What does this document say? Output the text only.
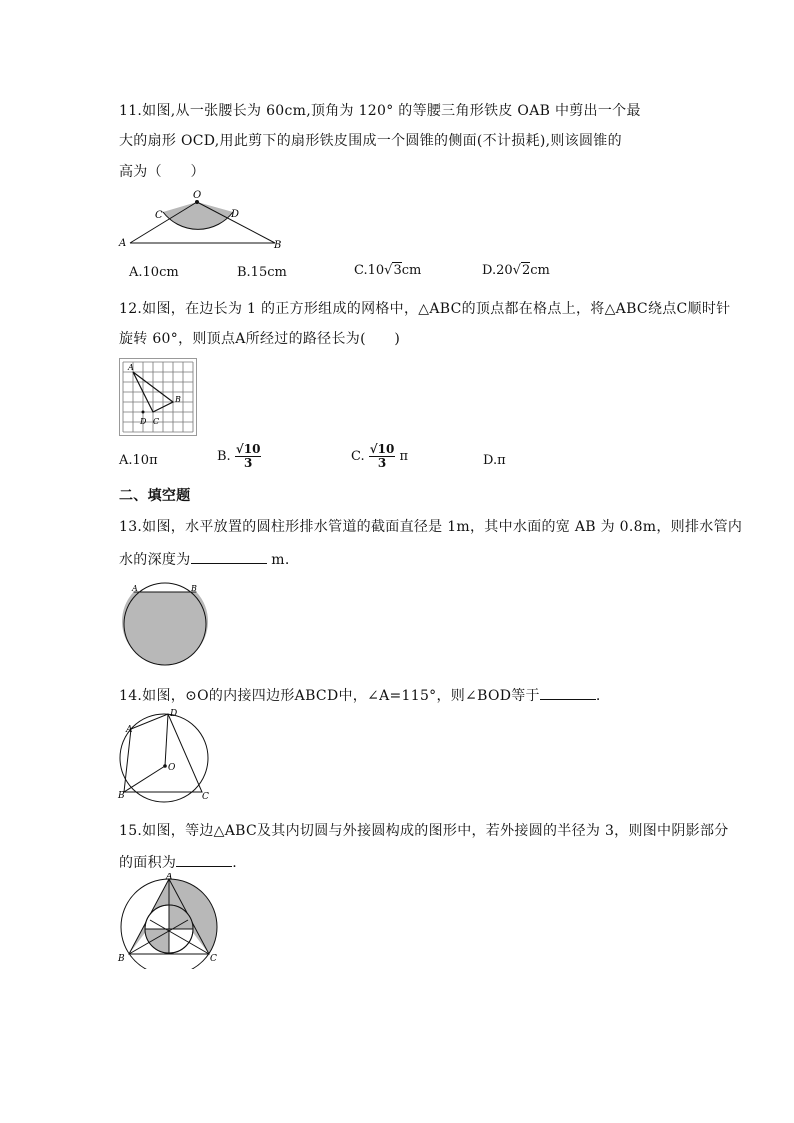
11.如图,从一张腰长为 60cm,顶角为 120° 的等腰三角形铁皮 OAB 中剪出一个最
大的扇形 OCD,用此剪下的扇形铁皮围成一个圆锥的侧面(不计损耗),则该圆锥的
高为（　　）
O
C	D
A	B
A.10cm	B.15cm	C.10√3cm	D.20√2cm
12.如图，在边长为 1 的正方形组成的网格中，△ABC的顶点都在格点上，将△ABC绕点C顺时针
旋转 60°，则顶点A所经过的路径长为(　　)
A
B
C
D
A.10π	B. $\frac{√10}{3}$	C. $\frac{√10}{3}$ π	D.π
二、填空题
13.如图，水平放置的圆柱形排水管道的截面直径是 1m，其中水面的宽 AB 为 0.8m，则排水管内
水的深度为	m.
A	B
14.如图，⊙O的内接四边形ABCD中，∠A=115°，则∠BOD等于	.
A
B	C
D
O
15.如图，等边△ABC及其内切圆与外接圆构成的图形中，若外接圆的半径为 3，则图中阴影部分
的面积为	.
A
B	C
